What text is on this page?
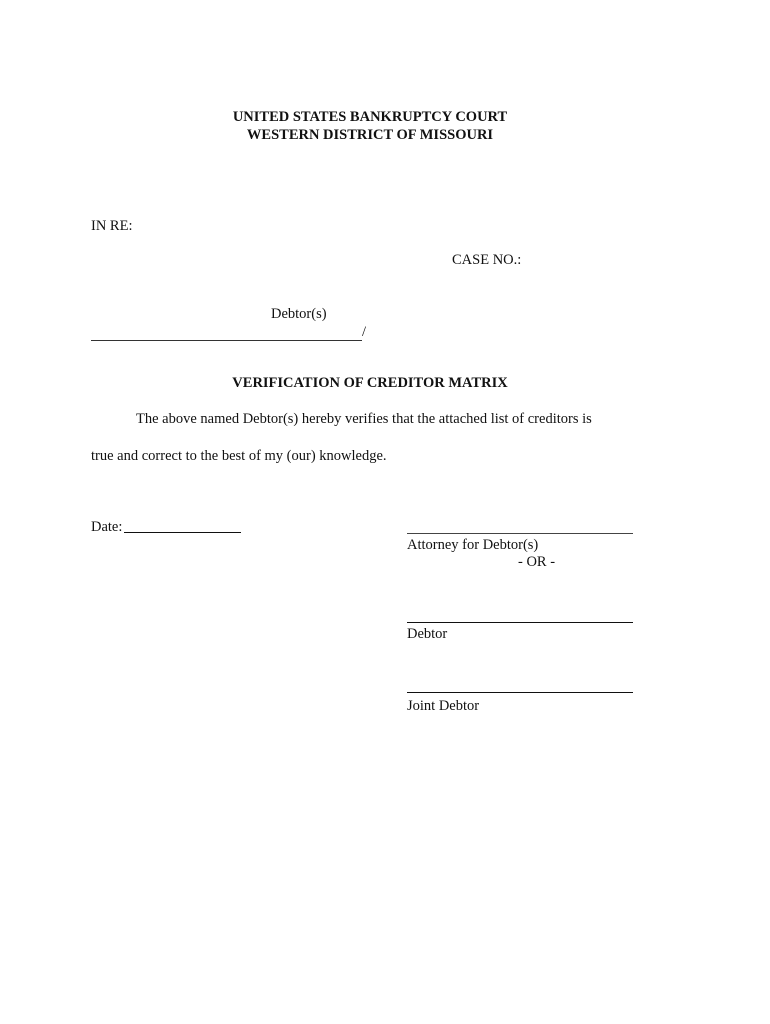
UNITED STATES BANKRUPTCY COURT
WESTERN DISTRICT OF MISSOURI
IN RE:
CASE NO.:
Debtor(s)
/
VERIFICATION OF CREDITOR MATRIX
The above named Debtor(s) hereby verifies that the attached list of creditors is
true and correct to the best of my (our) knowledge.
Date:
Attorney for Debtor(s)
- OR -
Debtor
Joint Debtor
